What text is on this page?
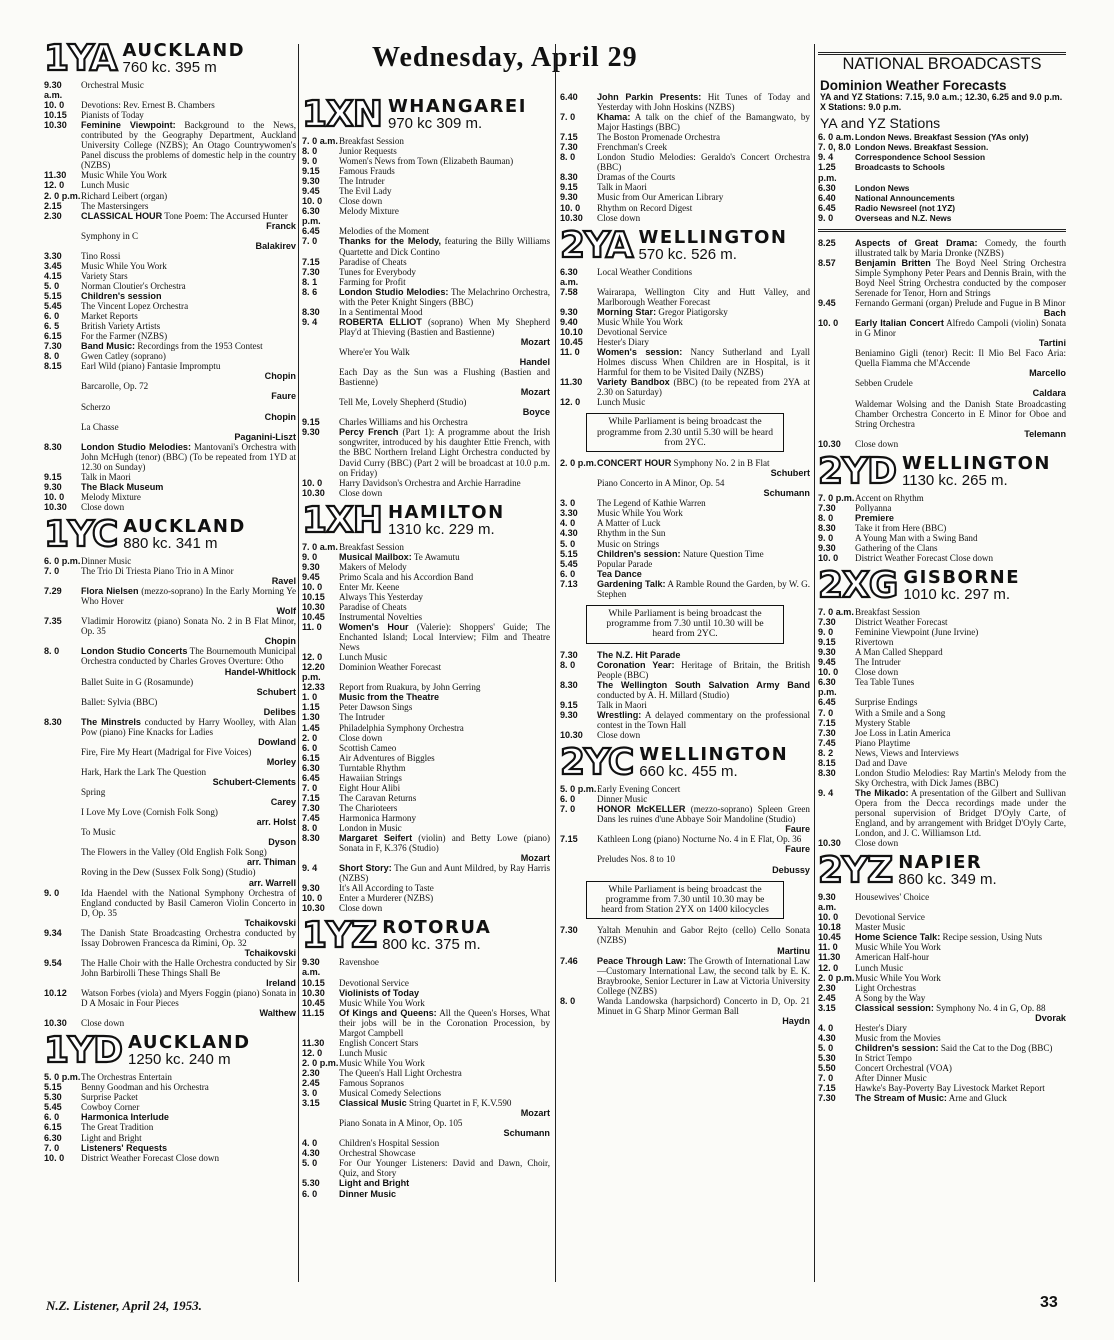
Wednesday, April 29
1YA AUCKLAND
760 kc. 395 m
9.30 a.m.
Orchestral Music
10. 0	Devotions: Rev. Ernest B. Chambers
10.15	Pianists of Today
10.30	Feminine Viewpoint: Background to the News, contributed by the Geography Department, Auckland University College (NZBS); An Otago Countrywomen's Panel discuss the problems of domestic help in the country (NZBS)
11.30	Music While You Work
12. 0	Lunch Music
2. 0 p.m. Richard Leibert (organ)
2.15	The Mastersingers
2.30	CLASSICAL HOUR Tone Poem: The Accursed Hunter
Franck
Symphony in C
Balakirev
3.30	Tino Rossi
3.45	Music While You Work
4.15	Variety Stars
5. 0	Norman Cloutier's Orchestra
5.15	Children's session
5.45	The Vincent Lopez Orchestra
6. 0	Market Reports
6. 5	British Variety Artists
6.15	For the Farmer (NZBS)
7.30	Band Music: Recordings from the 1953 Contest
8. 0	Gwen Catley (soprano)
8.15	Earl Wild (piano) Fantasie Impromptu
Chopin
Barcarolle, Op. 72
Faure
Scherzo
Chopin
La Chasse
Paganini-Liszt
8.30	London Studio Melodies: Mantovani's Orchestra with John McHugh (tenor) (BBC) (To be repeated from 1YD at 12.30 on Sunday)
9.15	Talk in Maori
9.30	The Black Museum
10. 0	Melody Mixture
10.30	Close down
1YC AUCKLAND
880 kc. 341 m
6. 0 p.m. Dinner Music
7. 0	The Trio Di Triesta Piano Trio in A Minor
Ravel
7.29	Flora Nielsen (mezzo-soprano) In the Early Morning Ye Who Hover
Wolf
7.35	Vladimir Horowitz (piano) Sonata No. 2 in B Flat Minor, Op. 35
Chopin
8. 0	London Studio Concerts The Bournemouth Municipal Orchestra conducted by Charles Groves Overture: Otho
Handel-Whitlock
Ballet Suite in G (Rosamunde)
Schubert
Ballet: Sylvia (BBC)
Delibes
8.30	The Minstrels conducted by Harry Woolley, with Alan Pow (piano) Fine Knacks for Ladies
Dowland
Fire, Fire My Heart (Madrigal for Five Voices)
Morley
Hark, Hark the Lark The Question
Schubert-Clements
Spring
Carey
I Love My Love (Cornish Folk Song)
arr. Holst
To Music
Dyson
The Flowers in the Valley (Old English Folk Song)
arr. Thiman
Roving in the Dew (Sussex Folk Song) (Studio)
arr. Warrell
9. 0	Ida Haendel with the National Symphony Orchestra of England conducted by Basil Cameron Violin Concerto in D, Op. 35
Tchaikovski
9.34	The Danish State Broadcasting Orchestra conducted by Issay Dobrowen Francesca da Rimini, Op. 32
Tchaikovski
9.54	The Halle Choir with the Halle Orchestra conducted by Sir John Barbirolli These Things Shall Be
Ireland
10.12	Watson Forbes (viola) and Myers Foggin (piano) Sonata in D A Mosaic in Four Pieces
Walthew
10.30	Close down
1YD AUCKLAND
1250 kc. 240 m
5. 0 p.m. The Orchestras Entertain
5.15	Benny Goodman and his Orchestra
5.30	Surprise Packet
5.45	Cowboy Corner
6. 0	Harmonica Interlude
6.15	The Great Tradition
6.30	Light and Bright
7. 0	Listeners' Requests
10. 0	District Weather Forecast Close down
1XN WHANGAREI
970 kc 309 m.
7. 0 a.m. Breakfast Session
8. 0	Junior Requests
9. 0	Women's News from Town (Elizabeth Bauman)
9.15	Famous Frauds
9.30	The Intruder
9.45	The Evil Lady
10. 0	Close down
6.30 p.m.
Melody Mixture
6.45	Melodies of the Moment
7. 0	Thanks for the Melody, featuring the Billy Williams Quartette and Dick Contino
7.15	Paradise of Cheats
7.30	Tunes for Everybody
8. 1	Farming for Profit
8. 6	London Studio Melodies: The Melachrino Orchestra, with the Peter Knight Singers (BBC)
8.30	In a Sentimental Mood
9. 4	ROBERTA ELLIOT (soprano) When My Shepherd Play'd at Thieving (Bastien and Bastienne)
Mozart
Where'er You Walk
Handel
Each Day as the Sun was a Flushing (Bastien and Bastienne)
Mozart
Tell Me, Lovely Shepherd (Studio)
Boyce
9.15	Charles Williams and his Orchestra
9.30	Percy French (Part 1): A programme about the Irish songwriter, introduced by his daughter Ettie French, with the BBC Northern Ireland Light Orchestra conducted by David Curry (BBC) (Part 2 will be broadcast at 10.0 p.m. on Friday)
10. 0	Harry Davidson's Orchestra and Archie Harradine
10.30	Close down
1XH HAMILTON
1310 kc. 229 m.
7. 0 a.m. Breakfast Session
9. 0	Musical Mailbox: Te Awamutu
9.30	Makers of Melody
9.45	Primo Scala and his Accordion Band
10. 0	Enter Mr. Keene
10.15	Always This Yesterday
10.30	Paradise of Cheats
10.45	Instrumental Novelties
11. 0	Women's Hour (Valerie): Shoppers' Guide; The Enchanted Island; Local Interview; Film and Theatre News
12. 0	Lunch Music
12.20 p.m.
Dominion Weather Forecast
12.33	Report from Ruakura, by John Gerring
1. 0	Music from the Theatre
1.15	Peter Dawson Sings
1.30	The Intruder
1.45	Philadelphia Symphony Orchestra
2. 0	Close down
6. 0	Scottish Cameo
6.15	Air Adventures of Biggles
6.30	Turntable Rhythm
6.45	Hawaiian Strings
7. 0	Eight Hour Alibi
7.15	The Caravan Returns
7.30	The Charioteers
7.45	Harmonica Harmony
8. 0	London in Music
8.30	Margaret Seifert (violin) and Betty Lowe (piano) Sonata in F, K.376 (Studio)
Mozart
9. 4	Short Story: The Gun and Aunt Mildred, by Ray Harris (NZBS)
9.30	It's All According to Taste
10. 0	Enter a Murderer (NZBS)
10.30	Close down
1YZ ROTORUA
800 kc. 375 m.
9.30 a.m.
Ravenshoe
10.15	Devotional Service
10.30	Violinists of Today
10.45	Music While You Work
11.15	Of Kings and Queens: All the Queen's Horses, What their jobs will be in the Coronation Procession, by Margot Campbell
11.30	English Concert Stars
12. 0	Lunch Music
2. 0 p.m. Music While You Work
2.30	The Queen's Hall Light Orchestra
2.45	Famous Sopranos
3. 0	Musical Comedy Selections
3.15	Classical Music String Quartet in F, K.V.590
Mozart
Piano Sonata in A Minor, Op. 105
Schumann
4. 0	Children's Hospital Session
4.30	Orchestral Showcase
5. 0	For Our Younger Listeners: David and Dawn, Choir, Quiz, and Story
5.30	Light and Bright
6. 0	Dinner Music
6.40	John Parkin Presents: Hit Tunes of Today and Yesterday with John Hoskins (NZBS)
7. 0	Khama: A talk on the chief of the Bamangwato, by Major Hastings (BBC)
7.15	The Boston Promenade Orchestra
7.30	Frenchman's Creek
8. 0	London Studio Melodies: Geraldo's Concert Orchestra (BBC)
8.30	Dramas of the Courts
9.15	Talk in Maori
9.30	Music from Our American Library
10. 0	Rhythm on Record Digest
10.30	Close down
2YA WELLINGTON
570 kc. 526 m.
6.30 a.m.
Local Weather Conditions
7.58	Wairarapa, Wellington City and Hutt Valley, and Marlborough Weather Forecast
9.30	Morning Star: Gregor Piatigorsky
9.40	Music While You Work
10.10	Devotional Service
10.45	Hester's Diary
11. 0	Women's session: Nancy Sutherland and Lyall Holmes discuss When Children are in Hospital, is it Harmful for them to be Visited Daily (NZBS)
11.30	Variety Bandbox (BBC) (to be repeated from 2YA at 2.30 on Saturday)
12. 0	Lunch Music
While Parliament is being broadcast the programme from 2.30 until 5.30 will be heard from 2YC.
2. 0 p.m. CONCERT HOUR Symphony No. 2 in B Flat
Schubert
Piano Concerto in A Minor, Op. 54
Schumann
3. 0	The Legend of Kathie Warren
3.30	Music While You Work
4. 0	A Matter of Luck
4.30	Rhythm in the Sun
5. 0	Music on Strings
5.15	Children's session: Nature Question Time
5.45	Popular Parade
6. 0	Tea Dance
7.13	Gardening Talk: A Ramble Round the Garden, by W. G. Stephen
While Parliament is being broadcast the programme from 7.30 until 10.30 will be heard from 2YC.
7.30	The N.Z. Hit Parade
8. 0	Coronation Year: Heritage of Britain, the British People (BBC)
8.30	The Wellington South Salvation Army Band conducted by A. H. Millard (Studio)
9.15	Talk in Maori
9.30	Wrestling: A delayed commentary on the professional contest in the Town Hall
10.30	Close down
2YC WELLINGTON
660 kc. 455 m.
5. 0 p.m. Early Evening Concert
6. 0	Dinner Music
7. 0	HONOR McKELLER (mezzo-soprano) Spleen Green Dans les ruines d'une Abbaye Soir Mandoline (Studio)
Faure
7.15	Kathleen Long (piano) Nocturne No. 4 in E Flat, Op. 36
Faure
Preludes Nos. 8 to 10
Debussy
While Parliament is being broadcast the programme from 7.30 until 10.30 may be heard from Station 2YX on 1400 kilocycles
7.30	Yaltah Menuhin and Gabor Rejto (cello) Cello Sonata (NZBS)
Martinu
7.46	Peace Through Law: The Growth of International Law—Customary International Law, the second talk by E. K. Braybrooke, Senior Lecturer in Law at Victoria University College (NZBS)
8. 0	Wanda Landowska (harpsichord) Concerto in D, Op. 21 Minuet in G Sharp Minor German Ball
Haydn
NATIONAL BROADCASTS
Dominion Weather Forecasts
YA and YZ Stations: 7.15, 9.0 a.m.; 12.30, 6.25 and 9.0 p.m.
X Stations: 9.0 p.m.
YA and YZ Stations
6. 0 a.m. London News. Breakfast Session (YAs only)
7. 0, 8.0 London News. Breakfast Session.
9. 4	Correspondence School Session
1.25 p.m.
Broadcasts to Schools
6.30	London News
6.40	National Announcements
6.45	Radio Newsreel (not 1YZ)
9. 0	Overseas and N.Z. News
8.25	Aspects of Great Drama: Comedy, the fourth illustrated talk by Maria Dronke (NZBS)
8.57	Benjamin Britten The Boyd Neel String Orchestra Simple Symphony Peter Pears and Dennis Brain, with the Boyd Neel String Orchestra conducted by the composer Serenade for Tenor, Horn and Strings
9.45	Fernando Germani (organ) Prelude and Fugue in B Minor
Bach
10. 0	Early Italian Concert Alfredo Campoli (violin) Sonata in G Minor
Tartini
Beniamino Gigli (tenor) Recit: Il Mio Bel Faco Aria: Quella Fiamma che M'Accende
Marcello
Sebben Crudele
Caldara
Waldemar Wolsing and the Danish State Broadcasting Chamber Orchestra Concerto in E Minor for Oboe and String Orchestra
Telemann
10.30	Close down
2YD WELLINGTON
1130 kc. 265 m.
7. 0 p.m. Accent on Rhythm
7.30	Pollyanna
8. 0	Premiere
8.30	Take it from Here (BBC)
9. 0	A Young Man with a Swing Band
9.30	Gathering of the Clans
10. 0	District Weather Forecast Close down
2XG GISBORNE
1010 kc. 297 m.
7. 0 a.m. Breakfast Session
7.30	District Weather Forecast
9. 0	Feminine Viewpoint (June Irvine)
9.15	Rivertown
9.30	A Man Called Sheppard
9.45	The Intruder
10. 0	Close down
6.30 p.m.
Tea Table Tunes
6.45	Surprise Endings
7. 0	With a Smile and a Song
7.15	Mystery Stable
7.30	Joe Loss in Latin America
7.45	Piano Playtime
8. 2	News, Views and Interviews
8.15	Dad and Dave
8.30	London Studio Melodies: Ray Martin's Melody from the Sky Orchestra, with Dick James (BBC)
9. 4	The Mikado: A presentation of the Gilbert and Sullivan Opera from the Decca recordings made under the personal supervision of Bridget D'Oyly Carte, of England, and by arrangement with Bridget D'Oyly Carte, London, and J. C. Williamson Ltd.
10.30	Close down
2YZ NAPIER
860 kc. 349 m.
9.30 a.m.
Housewives' Choice
10. 0	Devotional Service
10.18	Master Music
10.45	Home Science Talk: Recipe session, Using Nuts
11. 0	Music While You Work
11.30	American Half-hour
12. 0	Lunch Music
2. 0 p.m. Music While You Work
2.30	Light Orchestras
2.45	A Song by the Way
3.15	Classical session: Symphony No. 4 in G, Op. 88
Dvorak
4. 0	Hester's Diary
4.30	Music from the Movies
5. 0	Children's session: Said the Cat to the Dog (BBC)
5.30	In Strict Tempo
5.50	Concert Orchestral (VOA)
7. 0	After Dinner Music
7.15	Hawke's Bay-Poverty Bay Livestock Market Report
7.30	The Stream of Music: Arne and Gluck
N.Z. Listener, April 24, 1953.	33
